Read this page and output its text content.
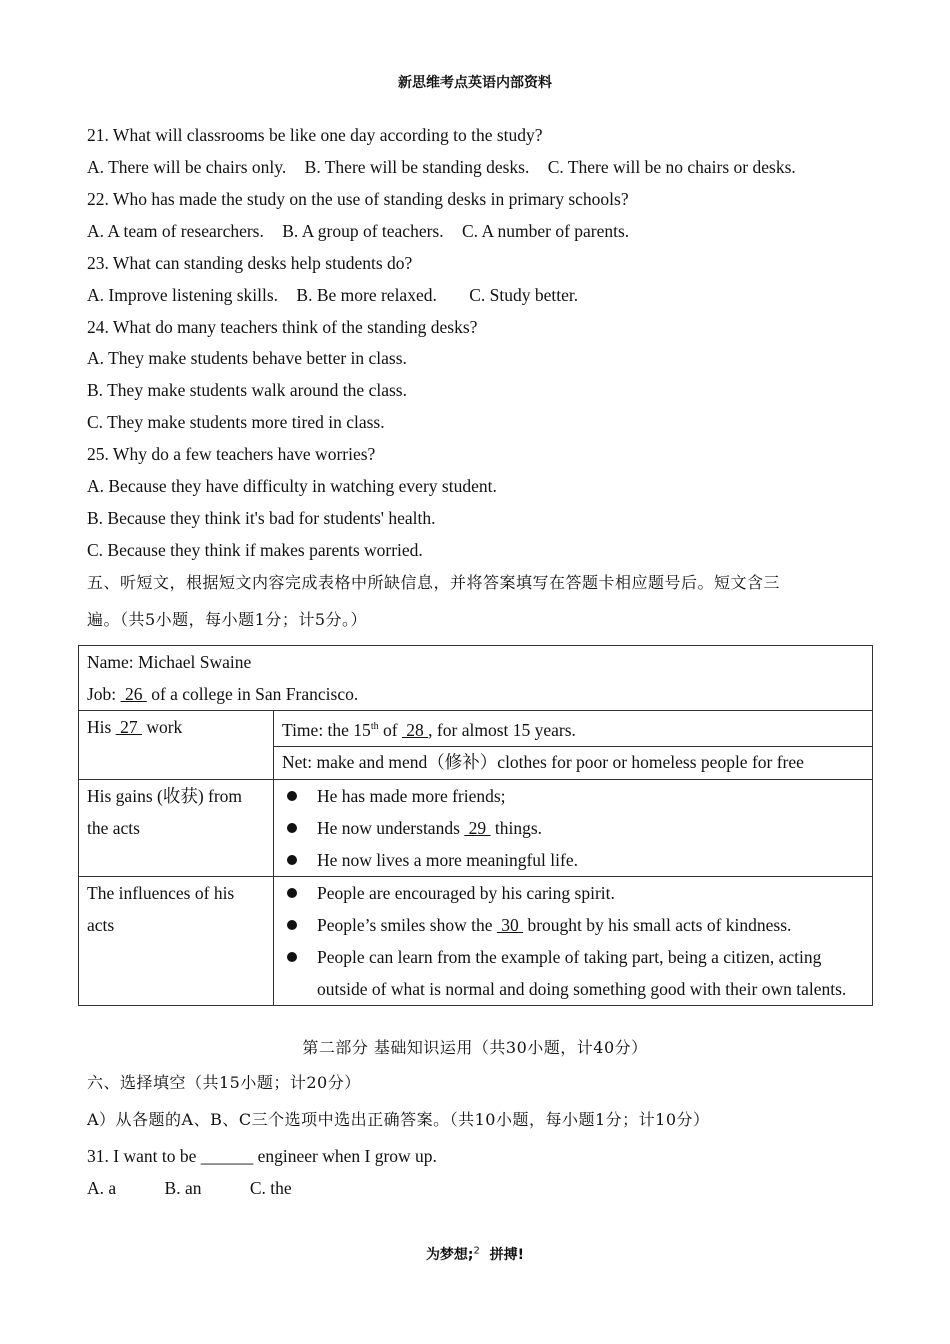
新思维考点英语内部资料
21. What will classrooms be like one day according to the study?
A. There will be chairs only. B. There will be standing desks. C. There will be no chairs or desks.
22. Who has made the study on the use of standing desks in primary schools?
A. A team of researchers. B. A group of teachers. C. A number of parents.
23. What can standing desks help students do?
A. Improve listening skills. B. Be more relaxed. C. Study better.
24. What do many teachers think of the standing desks?
A. They make students behave better in class.
B. They make students walk around the class.
C. They make students more tired in class.
25. Why do a few teachers have worries?
A. Because they have difficulty in watching every student.
B. Because they think it's bad for students' health.
C. Because they think if makes parents worried.
五、听短文，根据短文内容完成表格中所缺信息，并将答案填写在答题卡相应题号后。短文含三
遍。（共5小题，每小题1分；计5分。）
Name: Michael Swaine
Job:  26  of a college in San Francisco.	

His  27  work	Time: the 15th of  28 , for almost 15 years.
	Net: make and mend（修补）clothes for poor or homeless people for free
His gains (收获) from the acts	He has made more friends;
He now understands  29  things.
He now lives a more meaningful life.

The influences of his acts	People are encouraged by his caring spirit.
People’s smiles show the  30  brought by his small acts of kindness.
People can learn from the example of taking part, being a citizen, acting outside of what is normal and doing something good with their own talents.
第二部分 基础知识运用（共30小题，计40分）
六、选择填空（共15小题；计20分）
A）从各题的A、B、C三个选项中选出正确答案。（共10小题，每小题1分；计10分）
31. I want to be ______ engineer when I grow up.
A. a	B. an	C. the
为梦想;$^2$ 拼搏!
